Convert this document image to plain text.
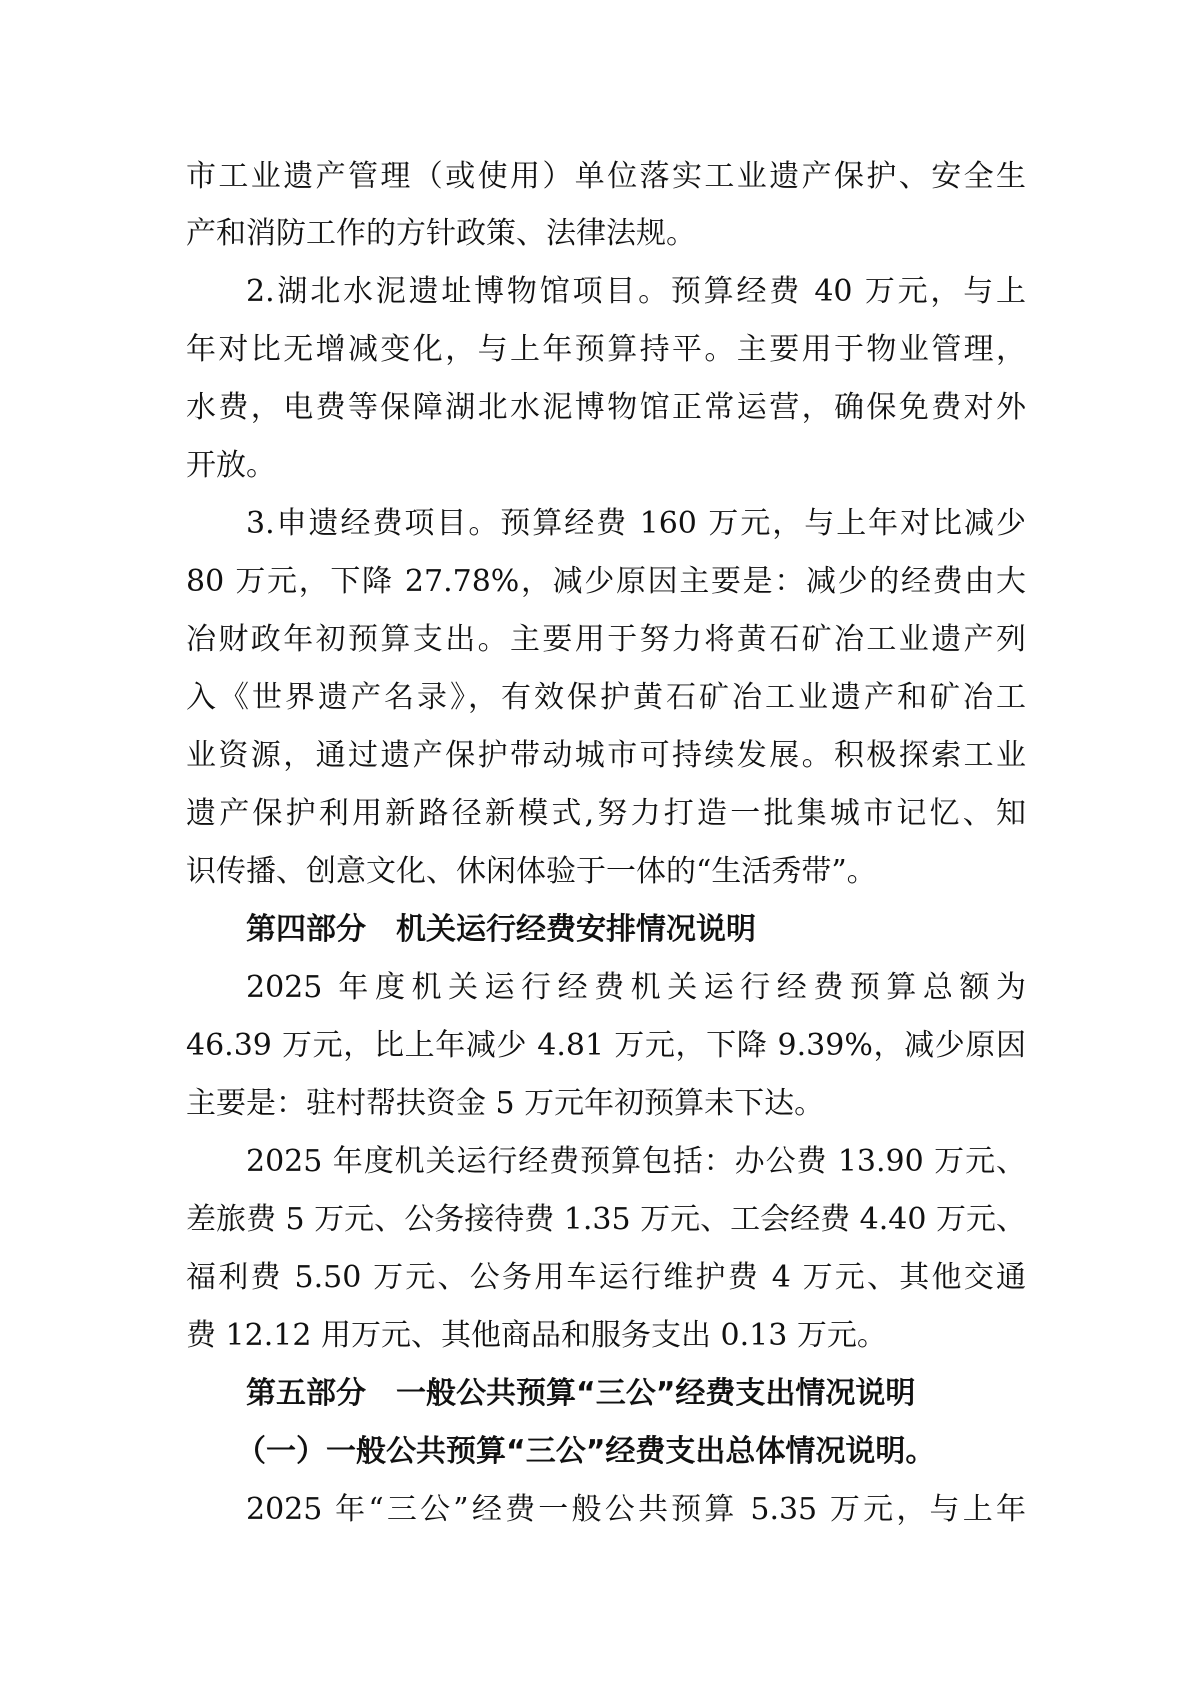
市工业遗产管理（或使用）单位落实工业遗产保护、安全生
产和消防工作的方针政策、法律法规。
2.湖北水泥遗址博物馆项目。预算经费 40 万元，与上
年对比无增减变化，与上年预算持平。主要用于物业管理，
水费，电费等保障湖北水泥博物馆正常运营，确保免费对外
开放。
3.申遗经费项目。预算经费 160 万元，与上年对比减少
80 万元，下降 27.78%，减少原因主要是：减少的经费由大
冶财政年初预算支出。主要用于努力将黄石矿冶工业遗产列
入《世界遗产名录》，有效保护黄石矿冶工业遗产和矿冶工
业资源，通过遗产保护带动城市可持续发展。积极探索工业
遗产保护利用新路径新模式,努力打造一批集城市记忆、知
识传播、创意文化、休闲体验于一体的“生活秀带”。
第四部分　机关运行经费安排情况说明
2025 年度机关运行经费机关运行经费预算总额为
46.39 万元，比上年减少 4.81 万元，下降 9.39%，减少原因
主要是：驻村帮扶资金 5 万元年初预算未下达。
2025 年度机关运行经费预算包括：办公费 13.90 万元、
差旅费 5 万元、公务接待费 1.35 万元、工会经费 4.40 万元、
福利费 5.50 万元、公务用车运行维护费 4 万元、其他交通
费 12.12 用万元、其他商品和服务支出 0.13 万元。
第五部分　一般公共预算“三公”经费支出情况说明
（一）一般公共预算“三公”经费支出总体情况说明。
2025 年“三公”经费一般公共预算 5.35 万元，与上年
